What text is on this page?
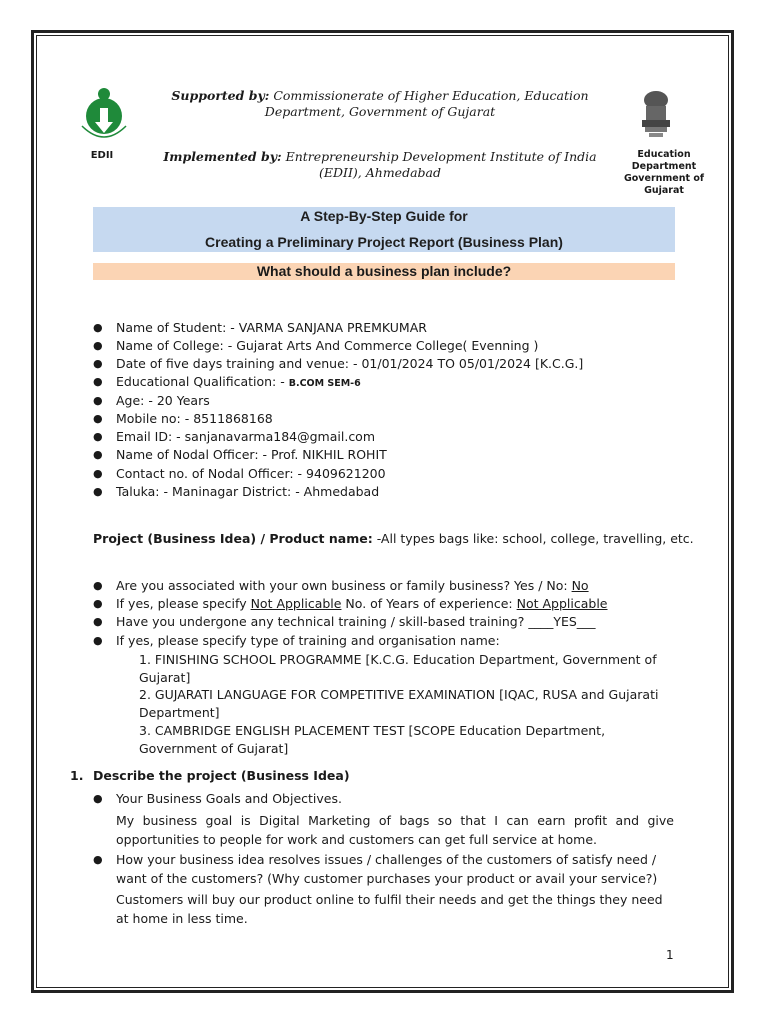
EDII	Education Department
Government of Gujarat
Supported by: Commissionerate of Higher Education, Education Department, Government of Gujarat
Implemented by: Entrepreneurship Development Institute of India (EDII), Ahmedabad
A Step-By-Step Guide for
Creating a Preliminary Project Report (Business Plan)
What should a business plan include?
● Name of Student: - VARMA SANJANA PREMKUMAR
● Name of College: - Gujarat Arts And Commerce College( Evenning )
● Date of five days training and venue: - 01/01/2024 TO 05/01/2024 [K.C.G.]
● Educational Qualification: - B.COM SEM-6
● Age: - 20 Years
● Mobile no: - 8511868168
● Email ID: - sanjanavarma184@gmail.com
● Name of Nodal Officer: - Prof. NIKHIL ROHIT
● Contact no. of Nodal Officer: - 9409621200
● Taluka: - Maninagar District: - Ahmedabad
Project (Business Idea) / Product name: -All types bags like: school, college, travelling, etc.
● Are you associated with your own business or family business? Yes / No: No
● If yes, please specify Not Applicable No. of Years of experience: Not Applicable
● Have you undergone any technical training / skill-based training? ____YES___
● If yes, please specify type of training and organisation name:
1. FINISHING SCHOOL PROGRAMME [K.C.G. Education Department, Government of Gujarat]
2. GUJARATI LANGUAGE FOR COMPETITIVE EXAMINATION [IQAC, RUSA and Gujarati Department]
3. CAMBRIDGE ENGLISH PLACEMENT TEST [SCOPE Education Department, Government of Gujarat]
1. Describe the project (Business Idea)
● Your Business Goals and Objectives.
My business goal is Digital Marketing of bags so that I can earn profit and give opportunities to people for work and customers can get full service at home.
● How your business idea resolves issues / challenges of the customers of satisfy need / want of the customers? (Why customer purchases your product or avail your service?)
Customers will buy our product online to fulfil their needs and get the things they need at home in less time.
1
